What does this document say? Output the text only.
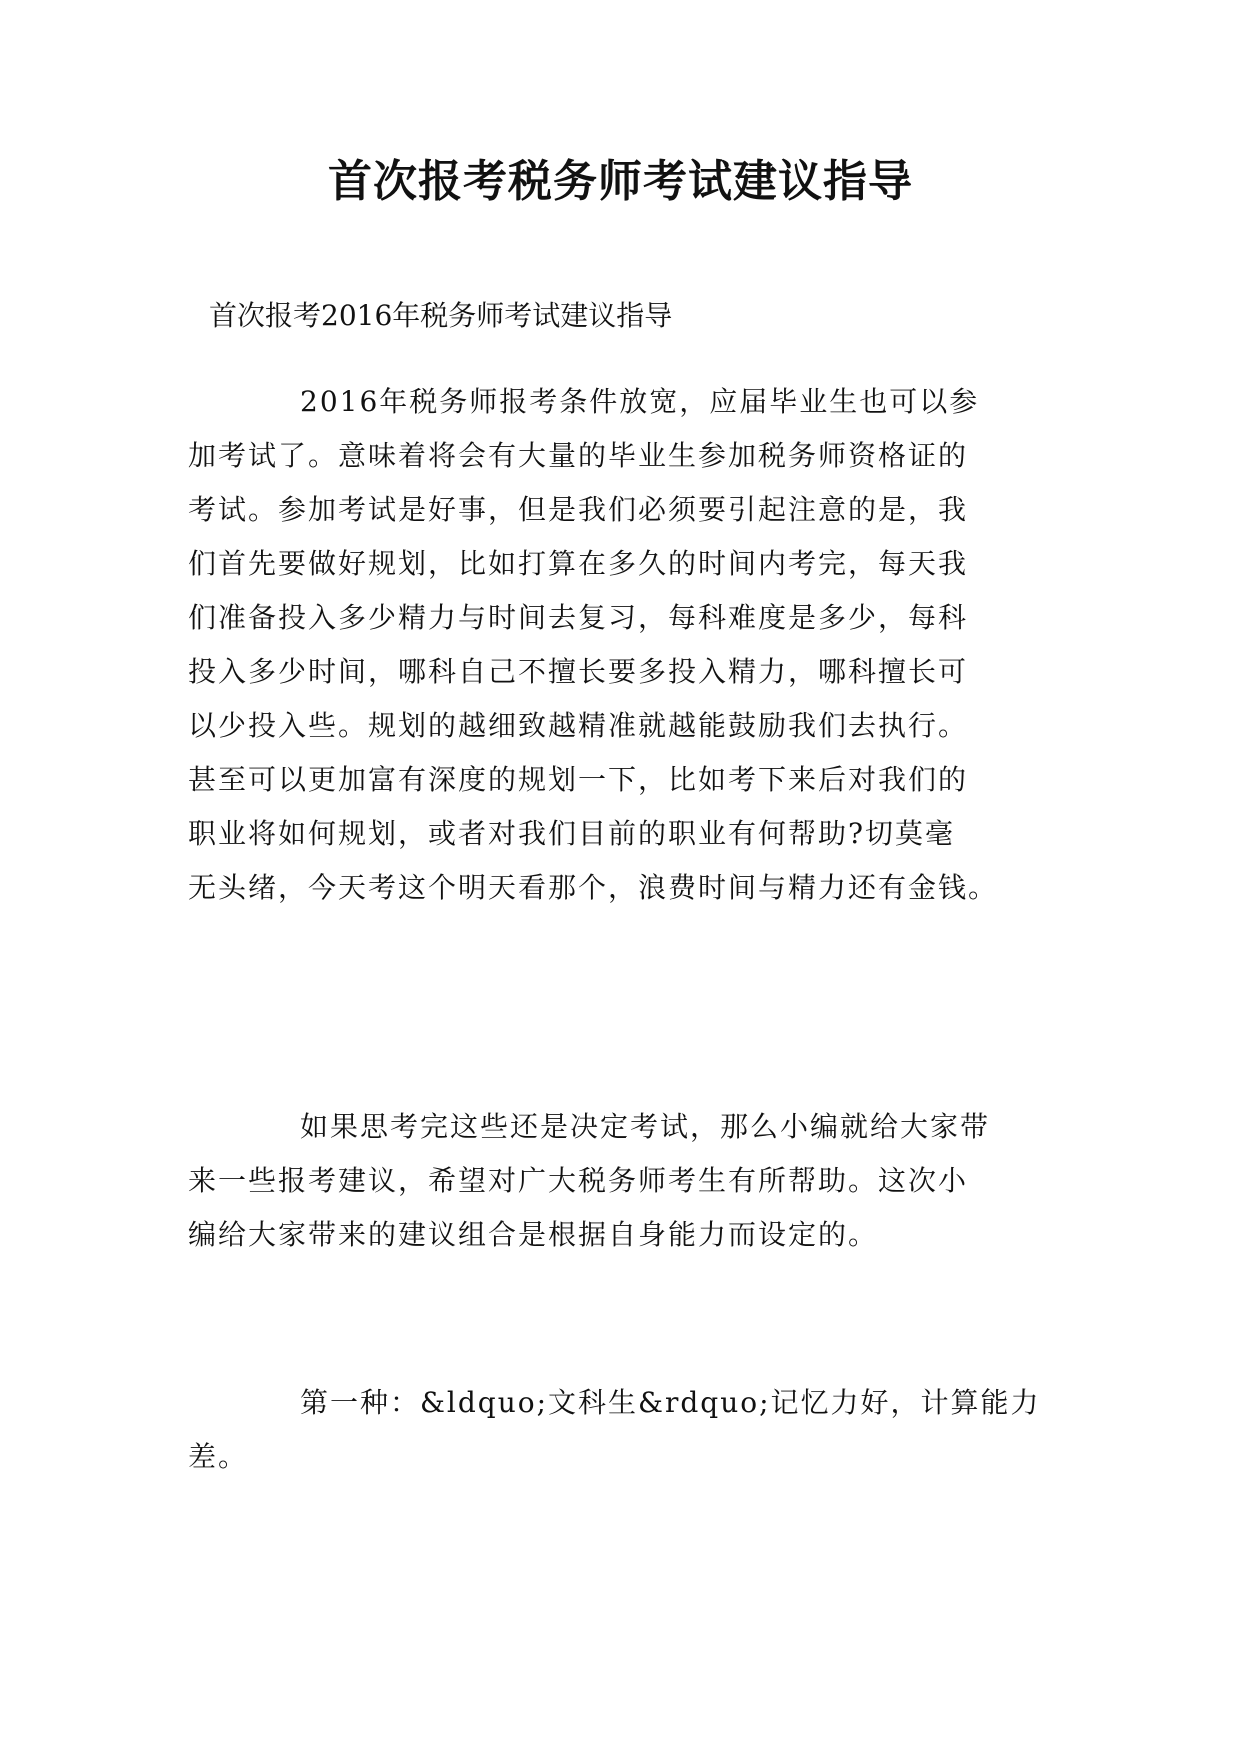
首次报考税务师考试建议指导

首次报考2016年税务师考试建议指导

2016年税务师报考条件放宽，应届毕业生也可以参
加考试了。意味着将会有大量的毕业生参加税务师资格证的
考试。参加考试是好事，但是我们必须要引起注意的是，我
们首先要做好规划，比如打算在多久的时间内考完，每天我
们准备投入多少精力与时间去复习，每科难度是多少，每科
投入多少时间，哪科自己不擅长要多投入精力，哪科擅长可
以少投入些。规划的越细致越精准就越能鼓励我们去执行。
甚至可以更加富有深度的规划一下，比如考下来后对我们的
职业将如何规划，或者对我们目前的职业有何帮助?切莫毫
无头绪，今天考这个明天看那个，浪费时间与精力还有金钱。
如果思考完这些还是决定考试，那么小编就给大家带
来一些报考建议，希望对广大税务师考生有所帮助。这次小
编给大家带来的建议组合是根据自身能力而设定的。
第一种：&ldquo;文科生&rdquo;记忆力好，计算能力
差。
